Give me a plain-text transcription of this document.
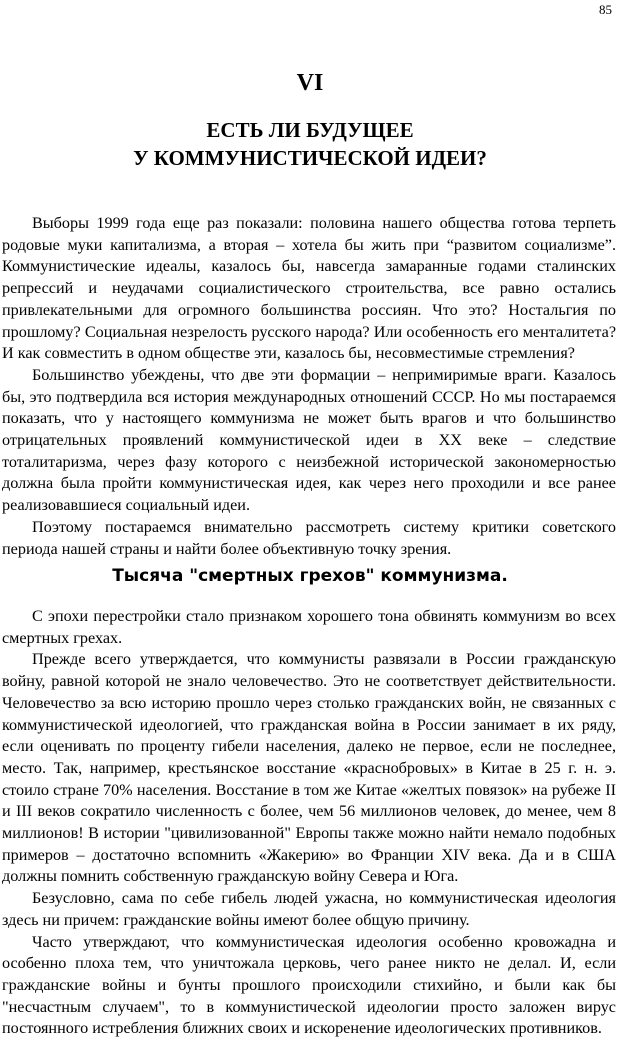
85
VI
ЕСТЬ ЛИ БУДУЩЕЕ
У КОММУНИСТИЧЕСКОЙ ИДЕИ?

Выборы 1999 года еще раз показали: половина нашего общества готова терпеть родовые муки капитализма, а вторая – хотела бы жить при “развитом социализме”. Коммунистические идеалы, казалось бы, навсегда замаранные годами сталинских репрессий и неудачами социалистического строительства, все равно остались привлекательными для огромного большинства россиян. Что это? Ностальгия по прошлому? Социальная незрелость русского народа? Или особенность его менталитета? И как совместить в одном обществе эти, казалось бы, несовместимые стремления?

Большинство убеждены, что две эти формации – непримиримые враги. Казалось бы, это подтвердила вся история международных отношений СССР. Но мы постараемся показать, что у настоящего коммунизма не может быть врагов и что большинство отрицательных проявлений коммунистической идеи в XX веке – следствие тоталитаризма, через фазу которого с неизбежной исторической закономерностью должна была пройти коммунистическая идея, как через него проходили и все ранее реализовавшиеся социальный идеи.

Поэтому постараемся внимательно рассмотреть систему критики советского периода нашей страны и найти более объективную точку зрения.

Тысяча "смертных грехов" коммунизма.

С эпохи перестройки стало признаком хорошего тона обвинять коммунизм во всех смертных грехах.

Прежде всего утверждается, что коммунисты развязали в России гражданскую войну, равной которой не знало человечество. Это не соответствует действительности. Человечество за всю историю прошло через столько гражданских войн, не связанных с коммунистической идеологией, что гражданская война в России занимает в их ряду, если оценивать по проценту гибели населения, далеко не первое, если не последнее, место. Так, например, крестьянское восстание «краснобровых» в Китае в 25 г. н. э. стоило стране 70% населения. Восстание в том же Китае «желтых повязок» на рубеже II и III веков сократило численность с более, чем 56 миллионов человек, до менее, чем 8 миллионов! В истории "цивилизованной" Европы также можно найти немало подобных примеров – достаточно вспомнить «Жакерию» во Франции XIV века. Да и в США должны помнить собственную гражданскую войну Севера и Юга.

Безусловно, сама по себе гибель людей ужасна, но коммунистическая идеология здесь ни причем: гражданские войны имеют более общую причину.

Часто утверждают, что коммунистическая идеология особенно кровожадна и особенно плоха тем, что уничтожала церковь, чего ранее никто не делал. И, если гражданские войны и бунты прошлого происходили стихийно, и были как бы "несчастным случаем", то в коммунистической идеологии просто заложен вирус постоянного истребления ближних своих и искоренение идеологических противников.
